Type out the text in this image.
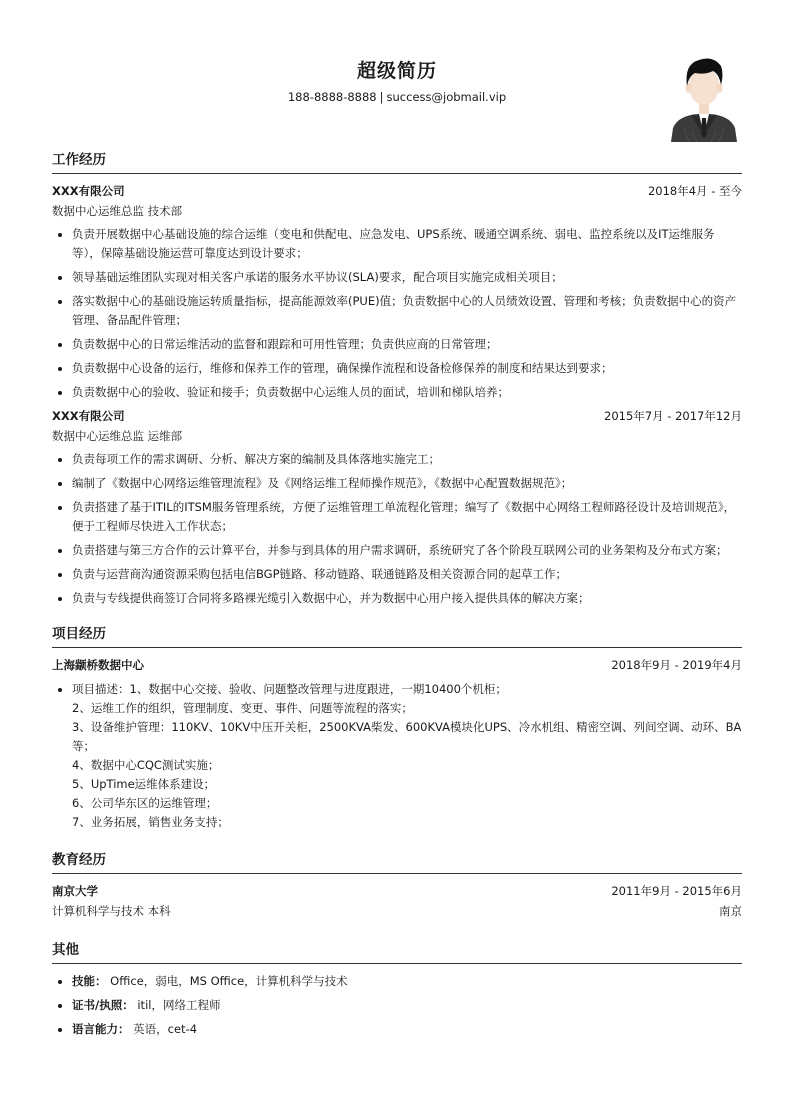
超级简历
188-8888-8888 | success@jobmail.vip
工作经历
XXX有限公司	2018年4月 - 至今
数据中心运维总监 技术部
• 负责开展数据中心基础设施的综合运维（变电和供配电、应急发电、UPS系统、暖通空调系统、弱电、监控系统以及IT运维服务等），保障基础设施运营可靠度达到设计要求；
• 领导基础运维团队实现对相关客户承诺的服务水平协议(SLA)要求，配合项目实施完成相关项目；
• 落实数据中心的基础设施运转质量指标，提高能源效率(PUE)值；负责数据中心的人员绩效设置、管理和考核；负责数据中心的资产管理、备品配件管理；
• 负责数据中心的日常运维活动的监督和跟踪和可用性管理；负责供应商的日常管理；
• 负责数据中心设备的运行，维修和保养工作的管理，确保操作流程和设备检修保养的制度和结果达到要求；
• 负责数据中心的验收、验证和接手；负责数据中心运维人员的面试，培训和梯队培养；
XXX有限公司	2015年7月 - 2017年12月
数据中心运维总监 运维部
• 负责每项工作的需求调研、分析、解决方案的编制及具体落地实施完工；
• 编制了《数据中心网络运维管理流程》及《网络运维工程师操作规范》，《数据中心配置数据规范》；
• 负责搭建了基于ITIL的ITSM服务管理系统，方便了运维管理工单流程化管理；编写了《数据中心网络工程师路径设计及培训规范》，便于工程师尽快进入工作状态；
• 负责搭建与第三方合作的云计算平台，并参与到具体的用户需求调研，系统研究了各个阶段互联网公司的业务架构及分布式方案；
• 负责与运营商沟通资源采购包括电信BGP链路、移动链路、联通链路及相关资源合同的起草工作；
• 负责与专线提供商签订合同将多路裸光缆引入数据中心，并为数据中心用户接入提供具体的解决方案；
项目经历
上海颛桥数据中心	2018年9月 - 2019年4月
• 项目描述：1、数据中心交接、验收、问题整改管理与进度跟进，一期10400个机柜；
2、运维工作的组织，管理制度、变更、事件、问题等流程的落实；
3、设备维护管理：110KV、10KV中压开关柜，2500KVA柴发、600KVA模块化UPS、冷水机组、精密空调、列间空调、动环、BA等；
4、数据中心CQC测试实施；
5、UpTime运维体系建设；
6、公司华东区的运维管理；
7、业务拓展，销售业务支持；
教育经历
南京大学	2011年9月 - 2015年6月
计算机科学与技术 本科	南京
其他
• 技能： Office，弱电，MS Office，计算机科学与技术
• 证书/执照： itil，网络工程师
• 语言能力： 英语，cet-4
